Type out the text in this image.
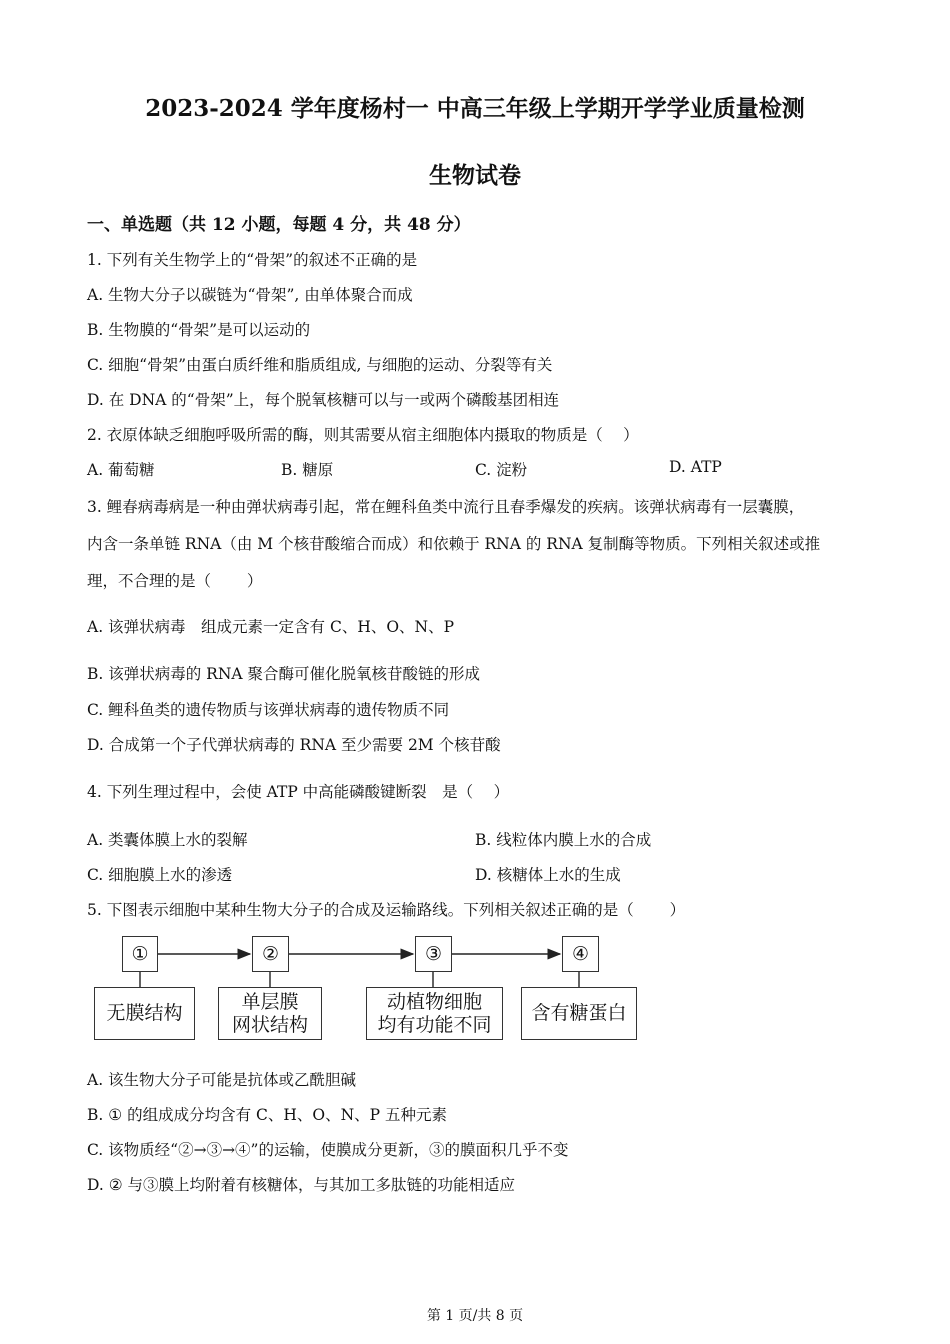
2023-2024 学年度杨村一 中高三年级上学期开学学业质量检测
生物试卷
一、单选题（共 12 小题，每题 4 分，共 48 分）
1. 下列有关生物学上的“骨架”的叙述不正确的是
A. 生物大分子以碳链为“骨架”, 由单体聚合而成
B. 生物膜的“骨架”是可以运动的
C. 细胞“骨架”由蛋白质纤维和脂质组成, 与细胞的运动、分裂等有关
D. 在 DNA 的“骨架”上，每个脱氧核糖可以与一或两个磷酸基团相连
2. 衣原体缺乏细胞呼吸所需的酶，则其需要从宿主细胞体内摄取的物质是（　 ）
A. 葡萄糖	B. 糖原	C. 淀粉	D. ATP
3. 鲤春病毒病是一种由弹状病毒引起，常在鲤科鱼类中流行且春季爆发的疾病。该弹状病毒有一层囊膜，
内含一条单链 RNA（由 M 个核苷酸缩合而成）和依赖于 RNA 的 RNA 复制酶等物质。下列相关叙述或推
理，不合理的是（　　 ）
A. 该弹状病毒　组成元素一定含有 C、H、O、N、P
B. 该弹状病毒的 RNA 聚合酶可催化脱氧核苷酸链的形成
C. 鲤科鱼类的遗传物质与该弹状病毒的遗传物质不同
D. 合成第一个子代弹状病毒的 RNA 至少需要 2M 个核苷酸
4. 下列生理过程中，会使 ATP 中高能磷酸键断裂　是（　 ）
A. 类囊体膜上水的裂解	B. 线粒体内膜上水的合成
C. 细胞膜上水的渗透	D. 核糖体上水的生成
5. 下图表示细胞中某种生物大分子的合成及运输路线。下列相关叙述正确的是（　　 ）
①	②	③	④
无膜结构
单层膜
网状结构
动植物细胞
均有功能不同
含有糖蛋白
A. 该生物大分子可能是抗体或乙酰胆碱
B. ① 的组成成分均含有 C、H、O、N、P 五种元素
C. 该物质经“②→③→④”的运输，使膜成分更新，③的膜面积几乎不变
D. ② 与③膜上均附着有核糖体，与其加工多肽链的功能相适应
第 1 页/共 8 页
